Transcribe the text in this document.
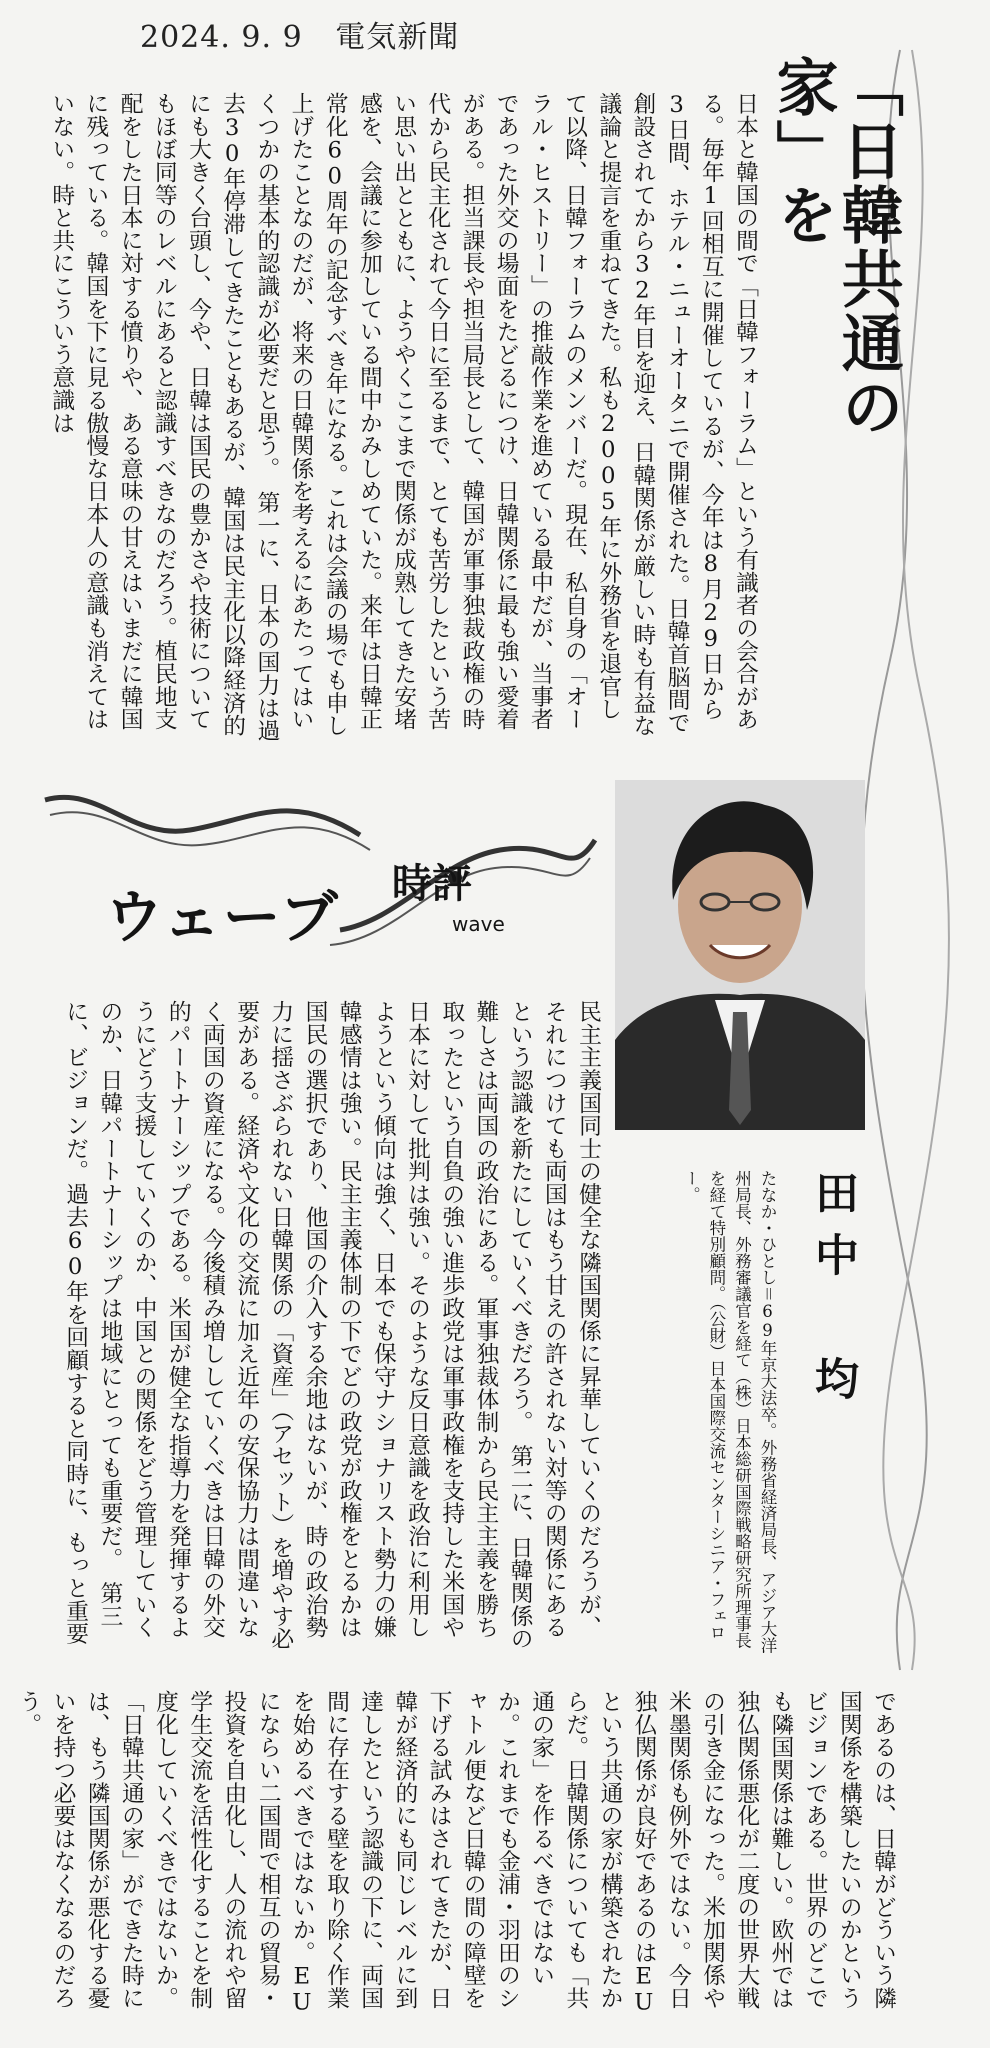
2024. 9. 9 電気新聞
「日韓共通の家」を
日本と韓国の間で「日韓フォーラム」という有識者の会合がある。毎年1回相互に開催しているが、今年は8月29日から3日間、ホテル・ニューオータニで開催された。日韓首脳間で創設されてから32年目を迎え、日韓関係が厳しい時も有益な議論と提言を重ねてきた。私も2005年に外務省を退官して以降、日韓フォーラムのメンバーだ。現在、私自身の「オーラル・ヒストリー」の推敲作業を進めている最中だが、当事者であった外交の場面をたどるにつけ、日韓関係に最も強い愛着がある。担当課長や担当局長として、韓国が軍事独裁政権の時代から民主化されて今日に至るまで、とても苦労したという苦い思い出とともに、ようやくここまで関係が成熟してきた安堵感を、会議に参加している間中かみしめていた。来年は日韓正常化60周年の記念すべき年になる。これは会議の場でも申し上げたことなのだが、将来の日韓関係を考えるにあたってはいくつかの基本的認識が必要だと思う。　第一に、日本の国力は過去30年停滞してきたこともあるが、韓国は民主化以降経済的にも大きく台頭し、今や、日韓は国民の豊かさや技術についてもほぼ同等のレベルにあると認識すべきなのだろう。植民地支配をした日本に対する憤りや、ある意味の甘えはいまだに韓国に残っている。韓国を下に見る傲慢な日本人の意識も消えてはいない。時と共にこういう意識は
ウェーブ 時評
wave
田中　均
たなか・ひとし＝69年京大法卒。外務省経済局長、アジア大洋州局長、外務審議官を経て（株）日本総研国際戦略研究所理事長を経て特別顧問。（公財）日本国際交流センターシニア・フェロー。
民主主義国同士の健全な隣国関係に昇華していくのだろうが、それにつけても両国はもう甘えの許されない対等の関係にあるという認識を新たにしていくべきだろう。　第二に、日韓関係の難しさは両国の政治にある。軍事独裁体制から民主主義を勝ち取ったという自負の強い進歩政党は軍事政権を支持した米国や日本に対して批判は強い。そのような反日意識を政治に利用しようという傾向は強く、日本でも保守ナショナリスト勢力の嫌韓感情は強い。民主主義体制の下でどの政党が政権をとるかは国民の選択であり、他国の介入する余地はないが、時の政治勢力に揺さぶられない日韓関係の「資産」（アセット）を増やす必要がある。経済や文化の交流に加え近年の安保協力は間違いなく両国の資産になる。今後積み増ししていくべきは日韓の外交的パートナーシップである。米国が健全な指導力を発揮するようにどう支援していくのか、中国との関係をどう管理していくのか、日韓パートナーシップは地域にとっても重要だ。　第三に、ビジョンだ。過去60年を回顧すると同時に、もっと重要
であるのは、日韓がどういう隣国関係を構築したいのかというビジョンである。世界のどこでも隣国関係は難しい。欧州では独仏関係悪化が二度の世界大戦の引き金になった。米加関係や米墨関係も例外ではない。今日独仏関係が良好であるのはEUという共通の家が構築されたからだ。日韓関係についても「共通の家」を作るべきではないか。これまでも金浦・羽田のシャトル便など日韓の間の障壁を下げる試みはされてきたが、日韓が経済的にも同じレベルに到達したという認識の下に、両国間に存在する壁を取り除く作業を始めるべきではないか。EUにならい二国間で相互の貿易・投資を自由化し、人の流れや留学生交流を活性化することを制度化していくべきではないか。「日韓共通の家」ができた時には、もう隣国関係が悪化する憂いを持つ必要はなくなるのだろう。
